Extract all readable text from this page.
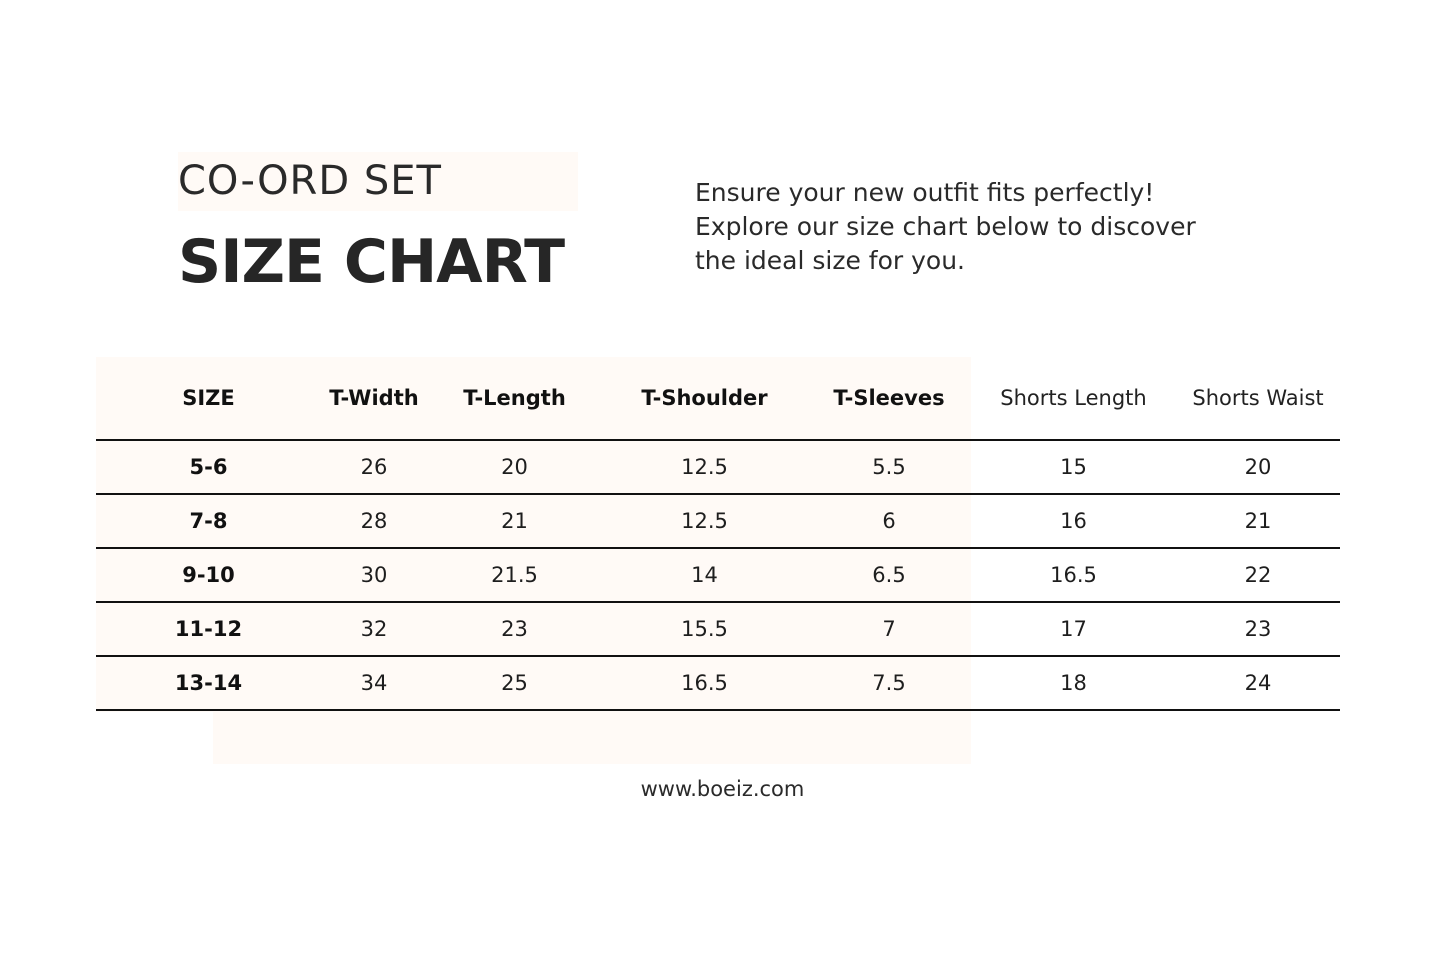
CO-ORD SET
SIZE CHART
Ensure your new outfit fits perfectly!
Explore our size chart below to discover
the ideal size for you.
SIZE	T-Width	T-Length	T-Shoulder	T-Sleeves	Shorts Length	Shorts Waist
5-6	26	20	12.5	5.5	15	20
7-8	28	21	12.5	6	16	21
9-10	30	21.5	14	6.5	16.5	22
11-12	32	23	15.5	7	17	23
13-14	34	25	16.5	7.5	18	24
www.boeiz.com
